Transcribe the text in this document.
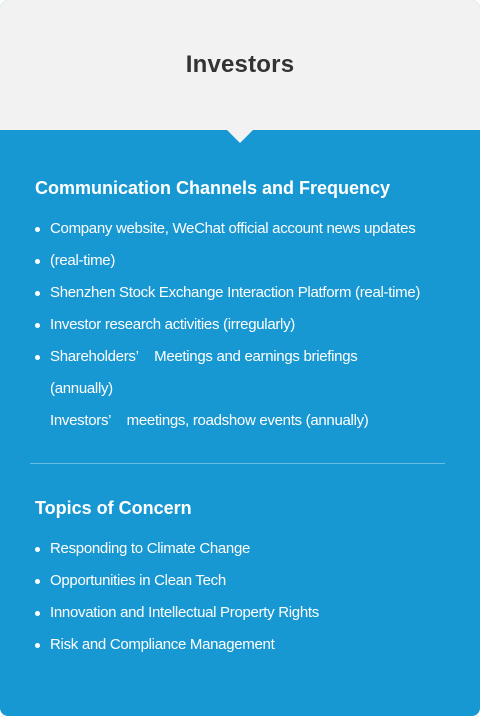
Investors
Communication Channels and Frequency
Company website, WeChat official account news updates
(real-time)
Shenzhen Stock Exchange Interaction Platform (real-time)
Investor research activities (irregularly)
Shareholders’    Meetings and earnings briefings
(annually)
Investors’    meetings, roadshow events (annually)
Topics of Concern
Responding to Climate Change
Opportunities in Clean Tech
Innovation and Intellectual Property Rights
Risk and Compliance Management
